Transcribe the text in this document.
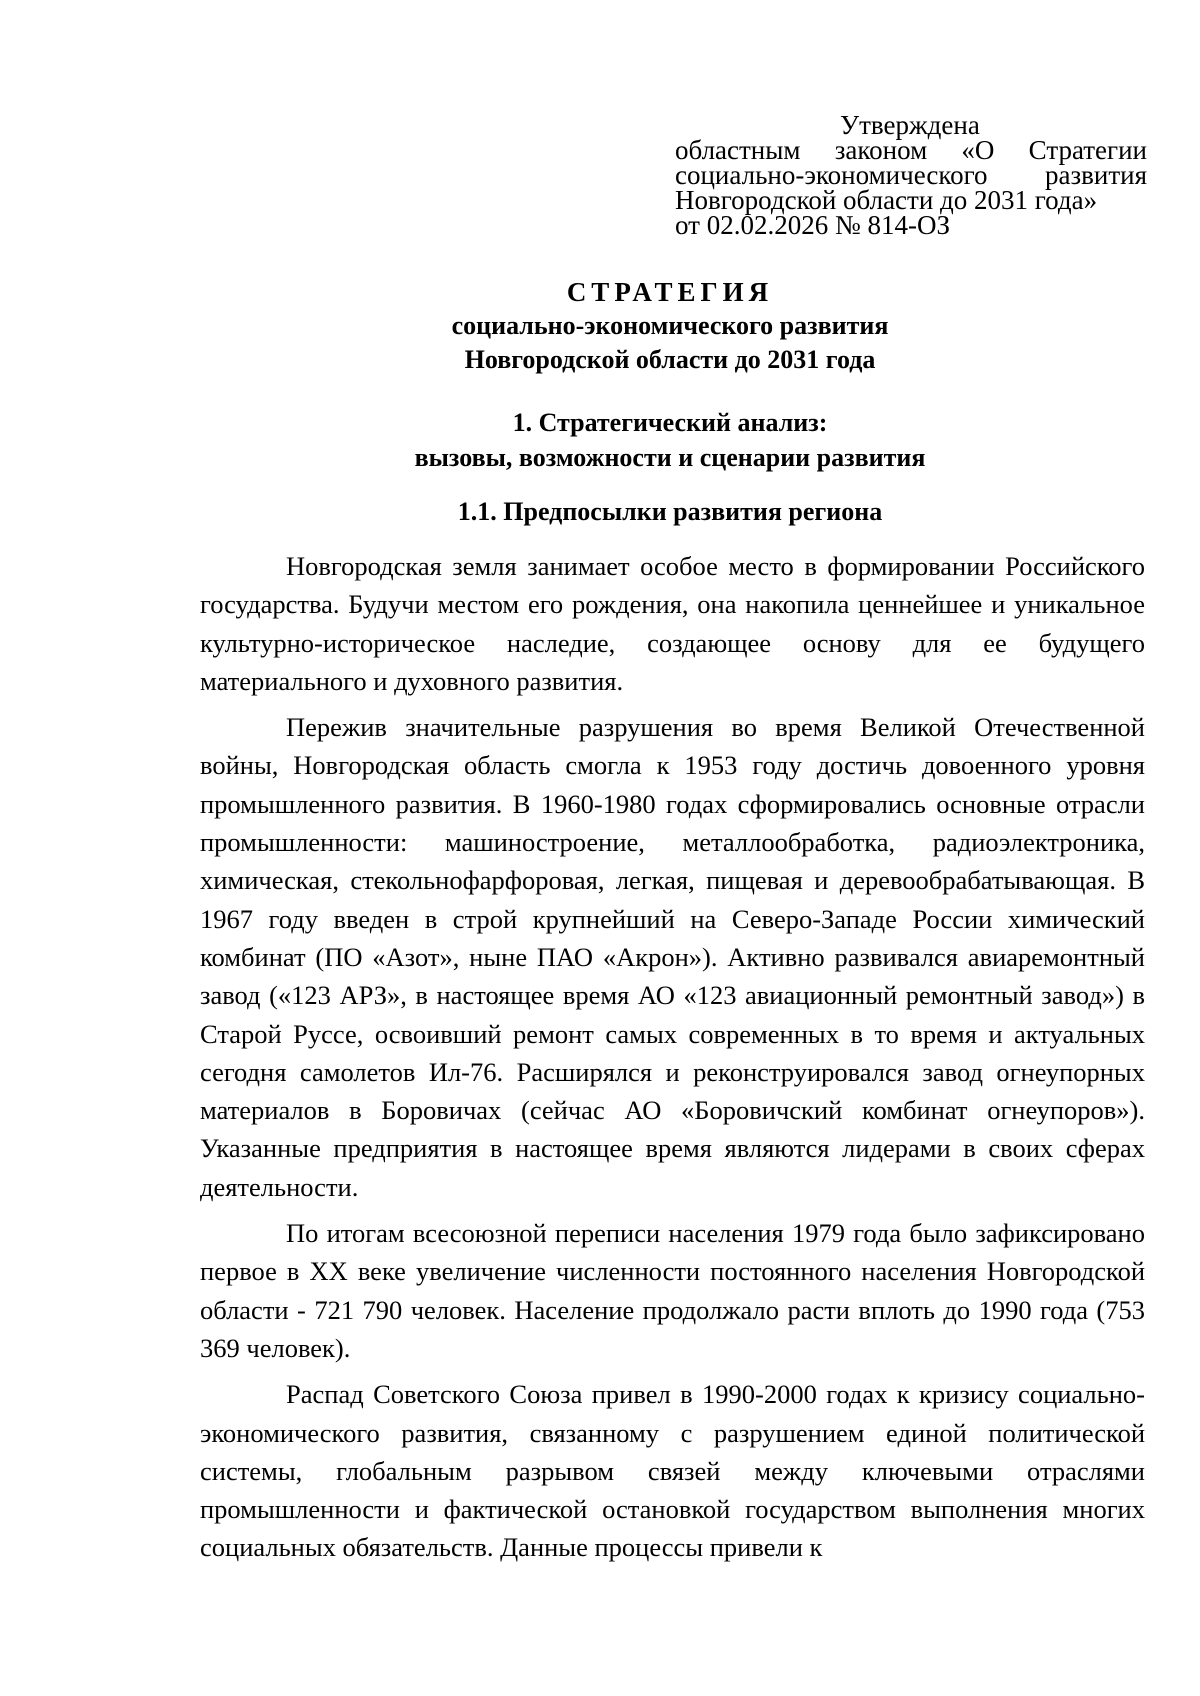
Утверждена
областным законом «О Стратегии
социально-экономического развития
Новгородской области до 2031 года»
от 02.02.2026 № 814-ОЗ
СТРАТЕГИЯ
социально-экономического развития
Новгородской области до 2031 года
1. Стратегический анализ:
вызовы, возможности и сценарии развития
1.1. Предпосылки развития региона

Новгородская земля занимает особое место в формировании Российского государства. Будучи местом его рождения, она накопила ценнейшее и уникальное культурно-историческое наследие, создающее основу для ее будущего материального и духовного развития.

Пережив значительные разрушения во время Великой Отечественной войны, Новгородская область смогла к 1953 году достичь довоенного уровня промышленного развития. В 1960-1980 годах сформировались основные отрасли промышленности: машиностроение, металлообработка, радиоэлектроника, химическая, стекольнофарфоровая, легкая, пищевая и деревообрабатывающая. В 1967 году введен в строй крупнейший на Северо-Западе России химический комбинат (ПО «Азот», ныне ПАО «Акрон»). Активно развивался авиаремонтный завод («123 АРЗ», в настоящее время АО «123 авиационный ремонтный завод») в Старой Руссе, освоивший ремонт самых современных в то время и актуальных сегодня самолетов Ил-76. Расширялся и реконструировался завод огнеупорных материалов в Боровичах (сейчас АО «Боровичский комбинат огнеупоров»). Указанные предприятия в настоящее время являются лидерами в своих сферах деятельности.

По итогам всесоюзной переписи населения 1979 года было зафиксировано первое в XX веке увеличение численности постоянного населения Новгородской области - 721 790 человек. Население продолжало расти вплоть до 1990 года (753 369 человек).

Распад Советского Союза привел в 1990-2000 годах к кризису социально-экономического развития, связанному с разрушением единой политической системы, глобальным разрывом связей между ключевыми отраслями промышленности и фактической остановкой государством выполнения многих социальных обязательств. Данные процессы привели к
